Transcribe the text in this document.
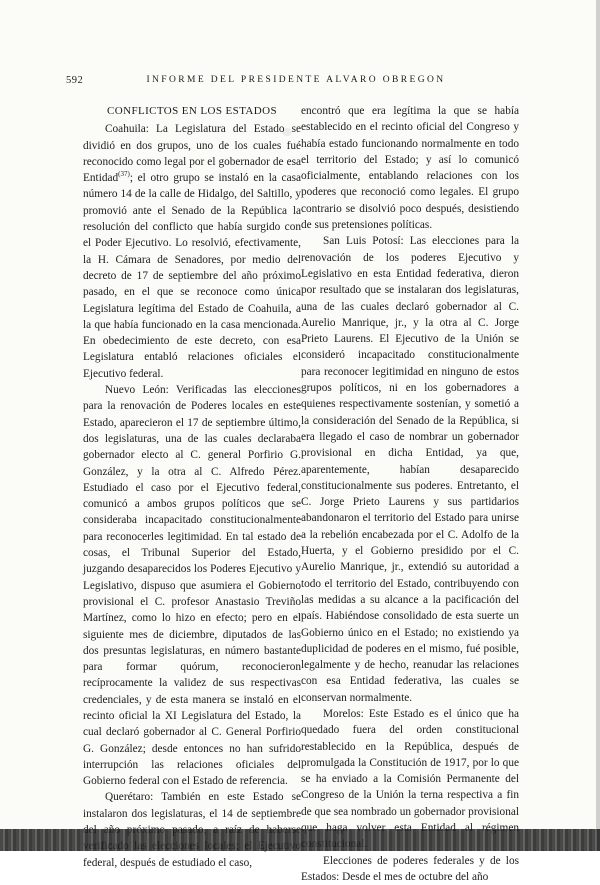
592	INFORME DEL PRESIDENTE ALVARO OBREGON

CONFLICTOS EN LOS ESTADOS

Coahuila: La Legislatura del Estado se dividió en dos grupos, uno de los cuales fué reconocido como legal por el gobernador de esa Entidad$^{(37)}$; el otro grupo se instaló en la casa número 14 de la calle de Hidalgo, del Saltillo, y promovió ante el Senado de la República la resolución del conflicto que había surgido con el Poder Ejecutivo. Lo resolvió, efectivamente, la H. Cámara de Senadores, por medio del decreto de 17 de septiembre del año próximo pasado, en el que se reconoce como única Legislatura legítima del Estado de Coahuila, a la que había funcionado en la casa mencionada. En obedecimiento de este decreto, con esa Legislatura entabló relaciones oficiales el Ejecutivo federal.

Nuevo León: Verificadas las elecciones para la renovación de Poderes locales en este Estado, aparecieron el 17 de septiembre último, dos legislaturas, una de las cuales declaraba gobernador electo al C. general Porfirio G. González, y la otra al C. Alfredo Pérez. Estudiado el caso por el Ejecutivo federal, comunicó a ambos grupos políticos que se consideraba incapacitado constitucionalmente para reconocerles legitimidad. En tal estado de cosas, el Tribunal Superior del Estado, juzgando desaparecidos los Poderes Ejecutivo y Legislativo, dispuso que asumiera el Gobierno provisional el C. profesor Anastasio Treviño Martínez, como lo hizo en efecto; pero en el siguiente mes de diciembre, diputados de las dos presuntas legislaturas, en número bastante para formar quórum, reconocieron recíprocamente la validez de sus respectivas credenciales, y de esta manera se instaló en el recinto oficial la XI Legislatura del Estado, la cual declaró gobernador al C. General Porfirio G. González; desde entonces no han sufrido interrupción las relaciones oficiales del Gobierno federal con el Estado de referencia.

Querétaro: También en este Estado se instalaron dos legislaturas, el 14 de septiembre federal, después de estudiado el caso,

encontró que era legítima la que se había establecido en el recinto oficial del Congreso y había estado funcionando normalmente en todo el territorio del Estado; y así lo comunicó oficialmente, entablando relaciones con los poderes que reconoció como legales. El grupo contrario se disolvió poco después, desistiendo de sus pretensiones políticas.

San Luis Potosí: Las elecciones para la renovación de los poderes Ejecutivo y Legislativo en esta Entidad federativa, dieron por resultado que se instalaran dos legislaturas, una de las cuales declaró gobernador al C. Aurelio Manrique, jr., y la otra al C. Jorge Prieto Laurens. El Ejecutivo de la Unión se consideró incapacitado constitucionalmente para reconocer legitimidad en ninguno de estos grupos políticos, ni en los gobernadores a quienes respectivamente sostenían, y sometió a la consideración del Senado de la República, si era llegado el caso de nombrar un gobernador provisional en dicha Entidad, ya que, aparentemente, habían desaparecido constitucionalmente sus poderes. Entretanto, el C. Jorge Prieto Laurens y sus partidarios abandonaron el territorio del Estado para unirse a la rebelión encabezada por el C. Adolfo de la Huerta, y el Gobierno presidido por el C. Aurelio Manrique, jr., extendió su autoridad a todo el territorio del Estado, contribuyendo con las medidas a su alcance a la pacificación del país. Habiéndose consolidado de esta suerte un Gobierno único en el Estado; no existiendo ya duplicidad de poderes en el mismo, fué posible, legalmente y de hecho, reanudar las relaciones con esa Entidad federativa, las cuales se conservan normalmente.

Morelos: Este Estado es el único que ha quedado fuera del orden constitucional restablecido en la República, después de promulgada la Constitución de 1917, por lo que se ha enviado a la Comisión Permanente del Congreso de la Unión la terna respectiva a fin de que sea nombrado un gobernador provisional

Elecciones de poderes federales y de los Estados: Desde el mes de octubre del año
